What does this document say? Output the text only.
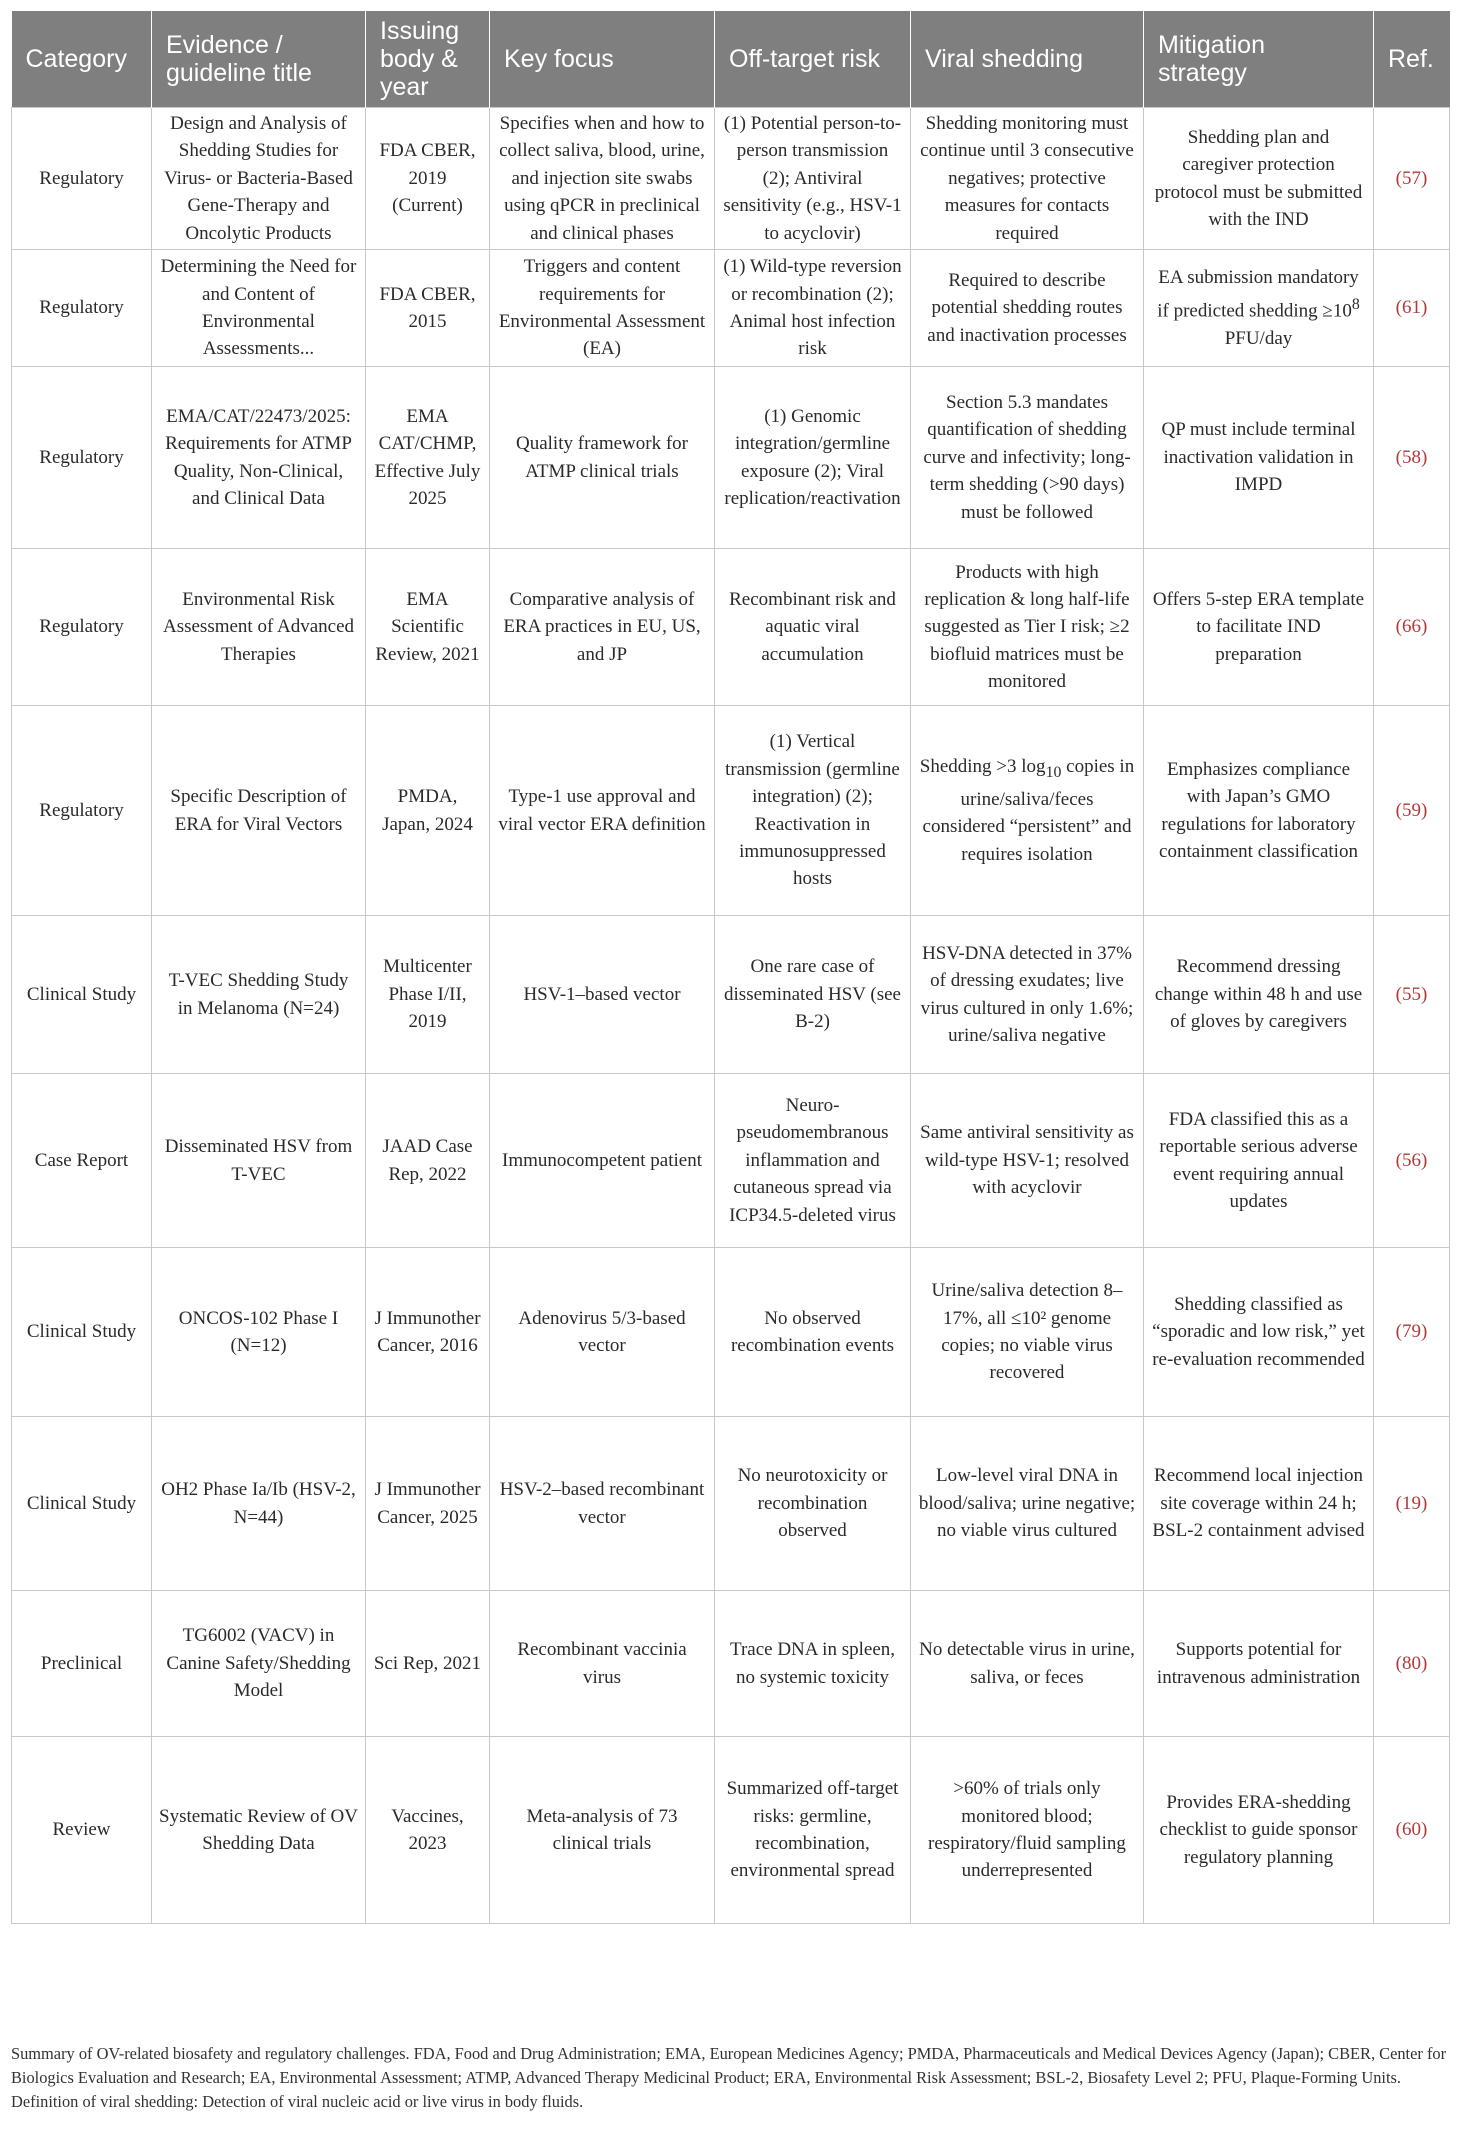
Category	Evidence / guideline title	Issuing body & year	Key focus	Off-target risk	Viral shedding	Mitigation strategy	Ref.
Regulatory	Design and Analysis of Shedding Studies for Virus- or Bacteria-Based Gene-Therapy and Oncolytic Products	FDA CBER, 2019 (Current)	Specifies when and how to collect saliva, blood, urine, and injection site swabs using qPCR in preclinical and clinical phases	(1) Potential person-to-person transmission (2); Antiviral sensitivity (e.g., HSV-1 to acyclovir)	Shedding monitoring must continue until 3 consecutive negatives; protective measures for contacts required	Shedding plan and caregiver protection protocol must be submitted with the IND	(57)
Regulatory	Determining the Need for and Content of Environmental Assessments...	FDA CBER, 2015	Triggers and content requirements for Environmental Assessment (EA)	(1) Wild-type reversion or recombination (2); Animal host infection risk	Required to describe potential shedding routes and inactivation processes	EA submission mandatory if predicted shedding $\ge 10^8$ PFU/day	(61)
Regulatory	EMA/CAT/22473/2025: Requirements for ATMP Quality, Non-Clinical, and Clinical Data	EMA CAT/CHMP, Effective July 2025	Quality framework for ATMP clinical trials	(1) Genomic integration/germline exposure (2); Viral replication/reactivation	Section 5.3 mandates quantification of shedding curve and infectivity; long-term shedding (>90 days) must be followed	QP must include terminal inactivation validation in IMPD	(58)
Regulatory	Environmental Risk Assessment of Advanced Therapies	EMA Scientific Review, 2021	Comparative analysis of ERA practices in EU, US, and JP	Recombinant risk and aquatic viral accumulation	Products with high replication & long half-life suggested as Tier I risk; ≥2 biofluid matrices must be monitored	Offers 5-step ERA template to facilitate IND preparation	(66)
Regulatory	Specific Description of ERA for Viral Vectors	PMDA, Japan, 2024	Type-1 use approval and viral vector ERA definition	(1) Vertical transmission (germline integration) (2); Reactivation in immunosuppressed hosts	Shedding >3 $\log_{10}$ copies in urine/saliva/feces considered “persistent” and requires isolation	Emphasizes compliance with Japan’s GMO regulations for laboratory containment classification	(59)
Clinical Study	T-VEC Shedding Study in Melanoma (N=24)	Multicenter Phase I/II, 2019	HSV-1–based vector	One rare case of disseminated HSV (see B-2)	HSV-DNA detected in 37% of dressing exudates; live virus cultured in only 1.6%; urine/saliva negative	Recommend dressing change within 48 h and use of gloves by caregivers	(55)
Case Report	Disseminated HSV from T-VEC	JAAD Case Rep, 2022	Immunocompetent patient	Neuro-pseudomembranous inflammation and cutaneous spread via ICP34.5-deleted virus	Same antiviral sensitivity as wild-type HSV-1; resolved with acyclovir	FDA classified this as a reportable serious adverse event requiring annual updates	(56)
Clinical Study	ONCOS-102 Phase I (N=12)	J Immunother Cancer, 2016	Adenovirus 5/3-based vector	No observed recombination events	Urine/saliva detection 8–17%, all ≤10² genome copies; no viable virus recovered	Shedding classified as “sporadic and low risk,” yet re-evaluation recommended	(79)
Clinical Study	OH2 Phase Ia/Ib (HSV-2, N=44)	J Immunother Cancer, 2025	HSV-2–based recombinant vector	No neurotoxicity or recombination observed	Low-level viral DNA in blood/saliva; urine negative; no viable virus cultured	Recommend local injection site coverage within 24 h; BSL-2 containment advised	(19)
Preclinical	TG6002 (VACV) in Canine Safety/Shedding Model	Sci Rep, 2021	Recombinant vaccinia virus	Trace DNA in spleen, no systemic toxicity	No detectable virus in urine, saliva, or feces	Supports potential for intravenous administration	(80)
Review	Systematic Review of OV Shedding Data	Vaccines, 2023	Meta-analysis of 73 clinical trials	Summarized off-target risks: germline, recombination, environmental spread	>60% of trials only monitored blood; respiratory/fluid sampling underrepresented	Provides ERA-shedding checklist to guide sponsor regulatory planning	(60)

Summary of OV-related biosafety and regulatory challenges. FDA, Food and Drug Administration; EMA, European Medicines Agency; PMDA, Pharmaceuticals and Medical Devices Agency (Japan); CBER, Center for Biologics Evaluation and Research; EA, Environmental Assessment; ATMP, Advanced Therapy Medicinal Product; ERA, Environmental Risk Assessment; BSL-2, Biosafety Level 2; PFU, Plaque-Forming Units.

Definition of viral shedding: Detection of viral nucleic acid or live virus in body fluids.
